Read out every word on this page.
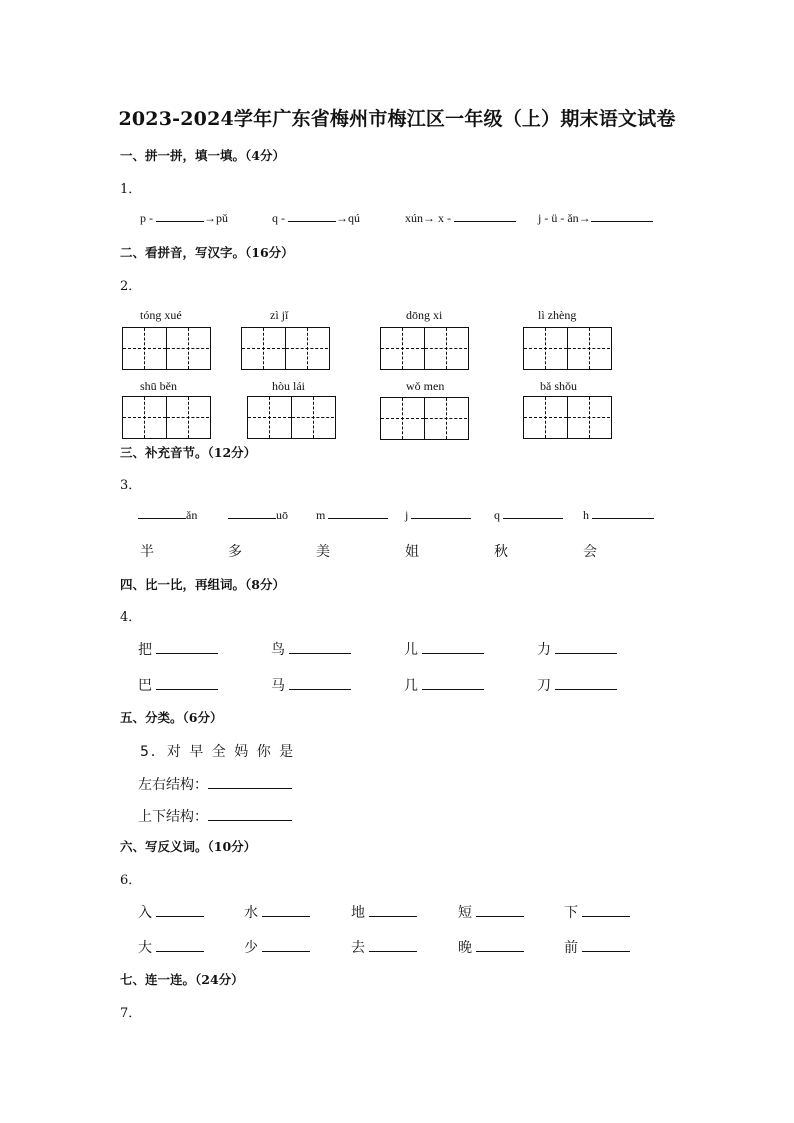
2023-2024学年广东省梅州市梅江区一年级（上）期末语文试卷
一、拼一拼，填一填。（4分）
1．
p -	→pǔ	q -	→qú	xún→ x -	j - ü - ǎn→
二、看拼音，写汉字。（16分）
2．
tóng xué	zì jǐ	dōng xi	lì zhèng
shū běn	hòu lái	wǒ men	bǎ shǒu
三、补充音节。（12分）
3．
ǎn	uō m	j	q	h
半	多	美	姐	秋	会
四、比一比，再组词。（8分）
4．
把	鸟	儿	力
巴	马	几	刀
五、分类。（6分）
5．对 早 全 妈 你 是
左右结构：
上下结构：
六、写反义词。（10分）
6．
入	水	地	短	下
大	少	去	晚	前
七、连一连。（24分）
7．
